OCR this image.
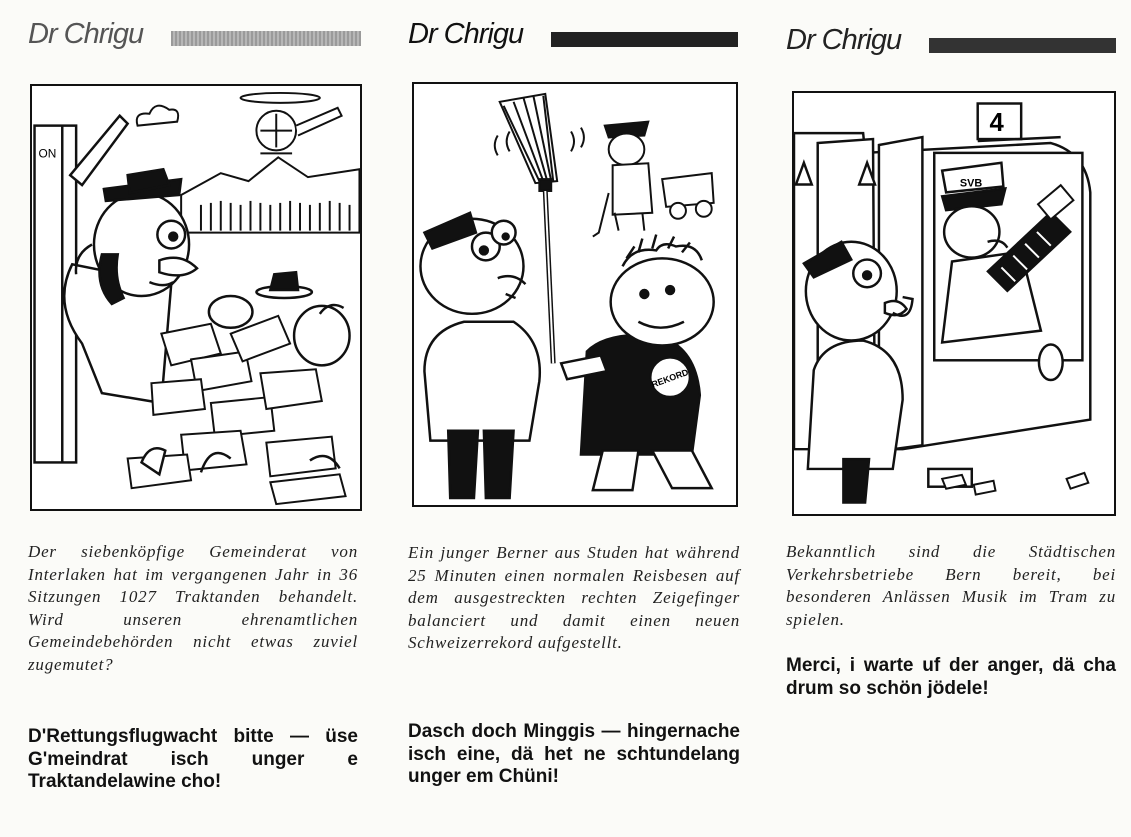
Dr Chrigu
ON
Der siebenköpfige Gemeinderat von Interlaken hat im vergangenen Jahr in 36 Sitzungen 1027 Traktanden behandelt. Wird unseren ehrenamtlichen Gemeindebehörden nicht etwas zuviel zugemutet?
D'Rettungsflugwacht bitte — üse G'meindrat isch unger e Traktandelawine cho!
Dr Chrigu
REKORD
Ein junger Berner aus Studen hat während 25 Minuten einen normalen Reisbesen auf dem ausgestreckten rechten Zeigefinger balanciert und damit einen neuen Schweizerrekord aufgestellt.
Dasch doch Minggis — hingernache isch eine, dä het ne schtundelang unger em Chüni!
Dr Chrigu
4
SVB
Bekanntlich sind die Städtischen Verkehrsbetriebe Bern bereit, bei besonderen Anlässen Musik im Tram zu spielen.
Merci, i warte uf der anger, dä cha drum so schön jödele!
